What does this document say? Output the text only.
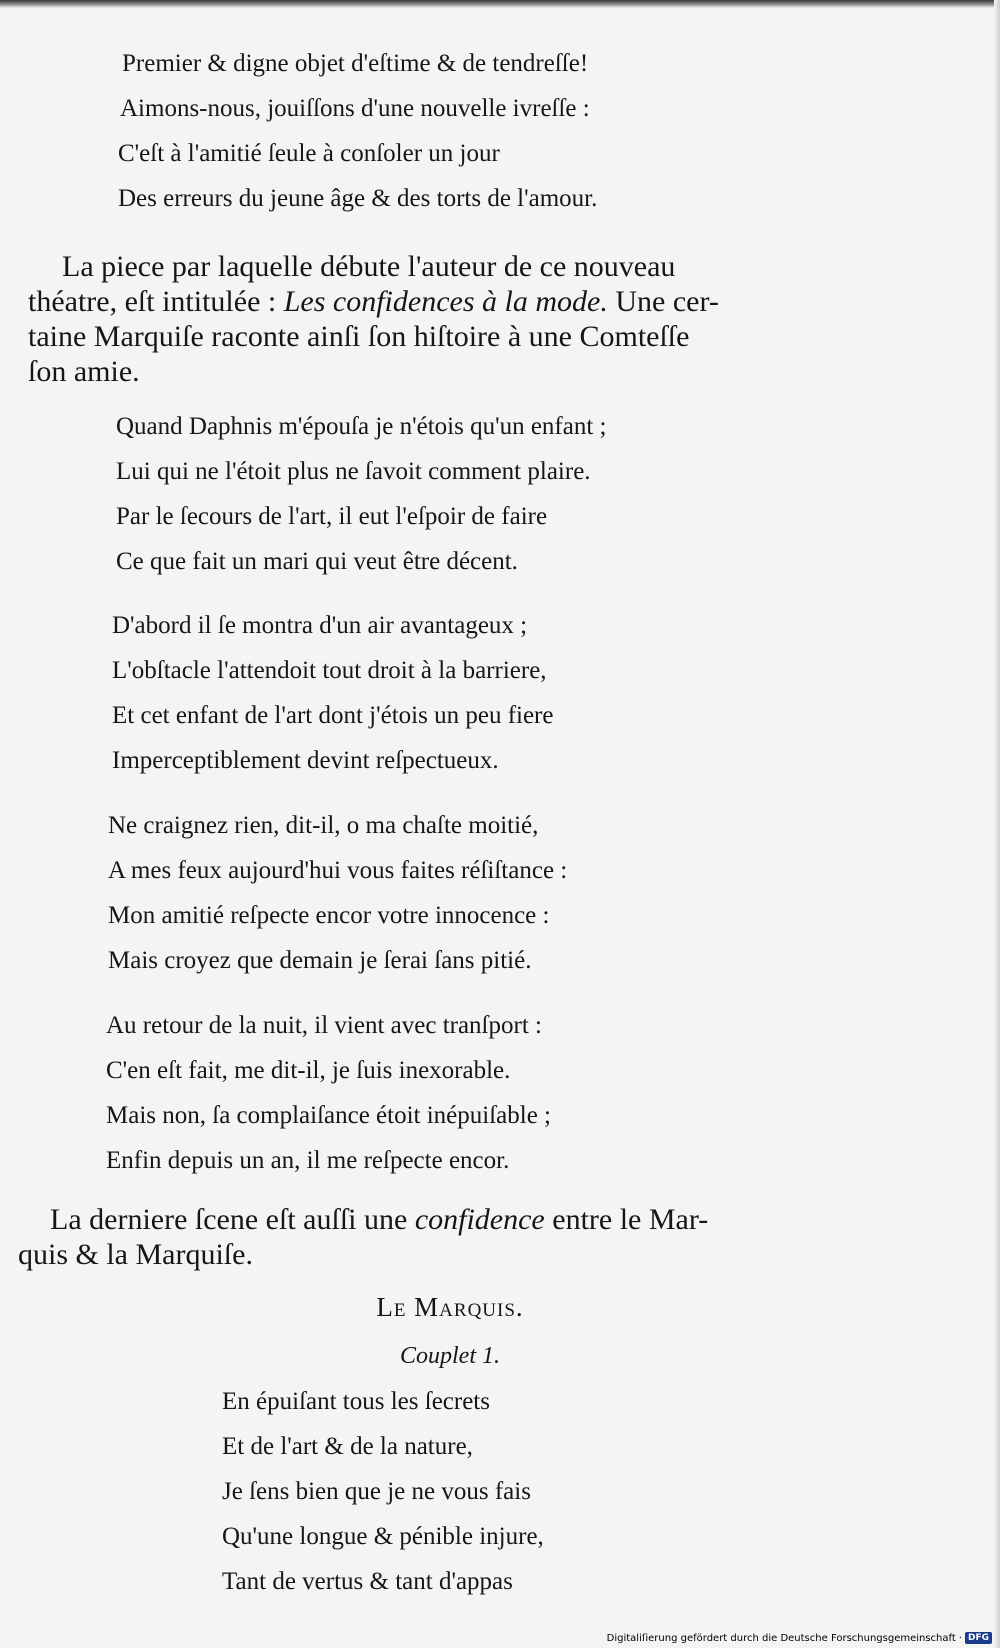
Premier & digne objet d'eſtime & de tendreſſe!
Aimons-nous, jouiſſons d'une nouvelle ivreſſe :
C'eſt à l'amitié ſeule à conſoler un jour
Des erreurs du jeune âge & des torts de l'amour.
La piece par laquelle débute l'auteur de ce nouveau
théatre, eſt intitulée : Les confidences à la mode. Une cer-
taine Marquiſe raconte ainſi ſon hiſtoire à une Comteſſe
ſon amie.
Quand Daphnis m'épouſa je n'étois qu'un enfant ;
Lui qui ne l'étoit plus ne ſavoit comment plaire.
Par le ſecours de l'art, il eut l'eſpoir de faire
Ce que fait un mari qui veut être décent.
D'abord il ſe montra d'un air avantageux ;
L'obſtacle l'attendoit tout droit à la barriere,
Et cet enfant de l'art dont j'étois un peu fiere
Imperceptiblement devint reſpectueux.
Ne craignez rien, dit-il, o ma chaſte moitié,
A mes feux aujourd'hui vous faites réſiſtance :
Mon amitié reſpecte encor votre innocence :
Mais croyez que demain je ſerai ſans pitié.
Au retour de la nuit, il vient avec tranſport :
C'en eſt fait, me dit-il, je ſuis inexorable.
Mais non, ſa complaiſance étoit inépuiſable ;
Enfin depuis un an, il me reſpecte encor.
La derniere ſcene eſt auſſi une confidence entre le Mar-
quis & la Marquiſe.
Le Marquis.
Couplet 1.
En épuiſant tous les ſecrets
Et de l'art & de la nature,
Je ſens bien que je ne vous fais
Qu'une longue & pénible injure,
Tant de vertus & tant d'appas
Digitaliſierung gefördert durch die Deutsche Forschungsgemeinschaft · DFG
